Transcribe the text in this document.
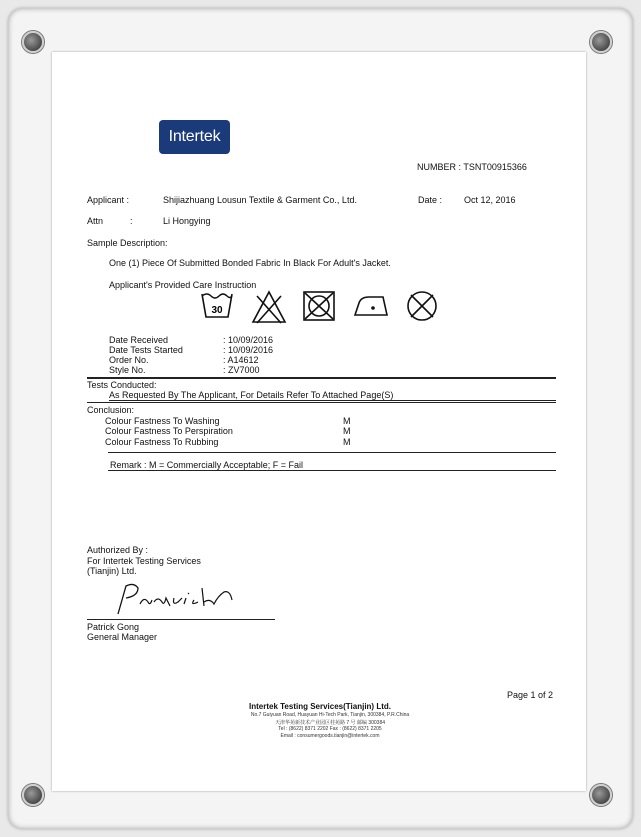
Intertek
NUMBER : TSNT00915366
Applicant :	Shijiazhuang Lousun Textile & Garment Co., Ltd.	Date : Oct 12, 2016
Attn	:	Li Hongying
Sample Description:
One (1) Piece Of Submitted Bonded Fabric In Black For Adult's Jacket.
Applicant's Provided Care Instruction
30
Date Received	: 10/09/2016
Date Tests Started	: 10/09/2016
Order No.	: A14612
Style No.	: ZV7000
Tests Conducted:
As Requested By The Applicant, For Details Refer To Attached Page(S)
Conclusion:
Colour Fastness To Washing	M
Colour Fastness To Perspiration	M
Colour Fastness To Rubbing	M
Remark : M = Commercially Acceptable; F = Fail
Authorized By :
For Intertek Testing Services
(Tianjin) Ltd.
Patrick Gong
General Manager
Page 1 of 2
Intertek Testing Services(Tianjin) Ltd.
No.7 Guiyuan Road, Huayuan Hi-Tech Park, Tianjin, 300384, P.R.China
天津华苑新技术产业园区桂苑路 7 号 邮编 300384
Tel : (8622) 8371 2202 Fax : (8622) 8371 2205
Email : consumergoods.tianjin@intertek.com
